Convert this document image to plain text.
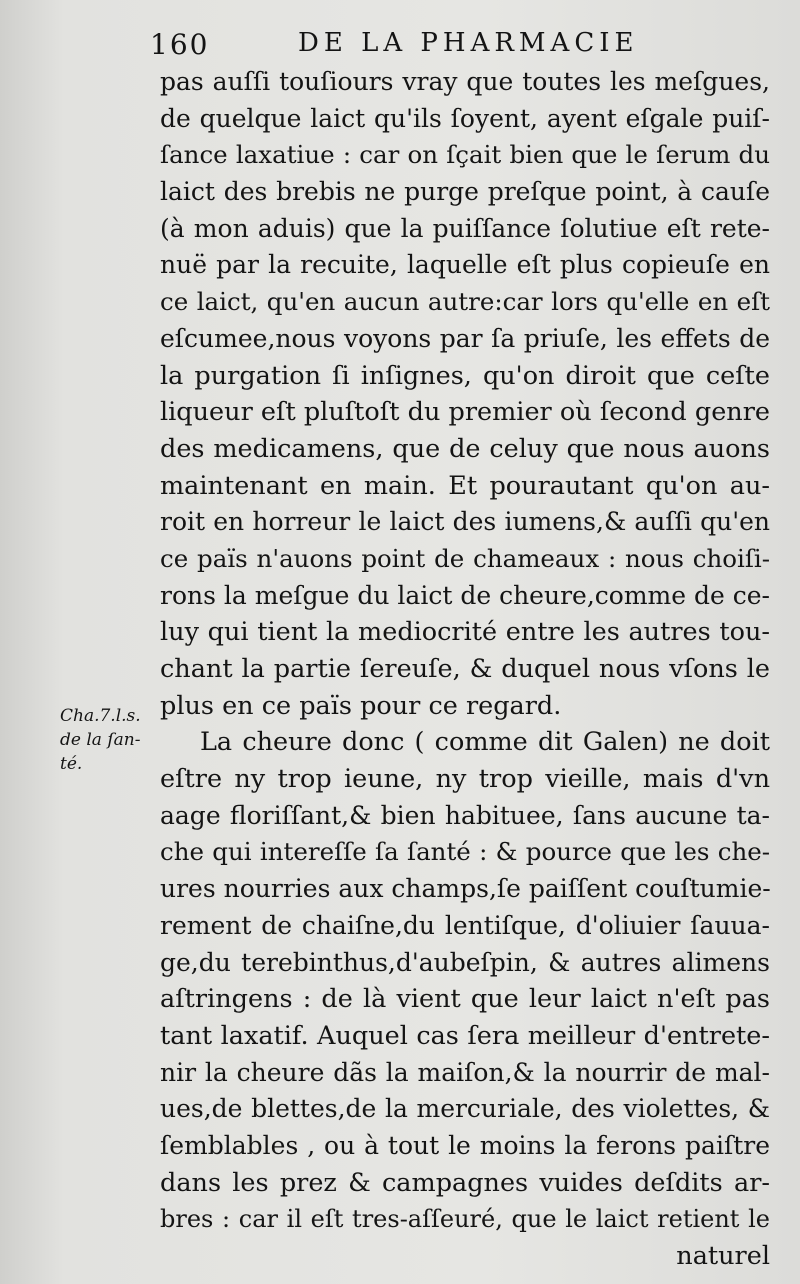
160	DE LA PHARMACIE
Cha.7.l.s.
de la ſan-
té.
pas auſſi touſiours vray que toutes les meſgues,
de quelque laict qu'ils ſoyent, ayent eſgale puiſ-
ſance laxatiue : car on ſçait bien que le ſerum du
laict des brebis ne purge preſque point, à cauſe
(à mon aduis) que la puiſſance ſolutiue eſt rete-
nuë par la recuite, laquelle eſt plus copieuſe en
ce laict, qu'en aucun autre:car lors qu'elle en eſt
eſcumee,nous voyons par ſa priuſe, les effets de
la purgation ſi inſignes, qu'on diroit que ceſte
liqueur eſt pluſtoſt du premier où ſecond genre
des medicamens, que de celuy que nous auons
maintenant en main. Et pourautant qu'on au-
roit en horreur le laict des iumens,& auſſi qu'en
ce païs n'auons point de chameaux : nous choiſi-
rons la meſgue du laict de cheure,comme de ce-
luy qui tient la mediocrité entre les autres tou-
chant la partie ſereuſe, & duquel nous vſons le
plus en ce païs pour ce regard.
La cheure donc ( comme dit Galen) ne doit
eſtre ny trop ieune, ny trop vieille, mais d'vn
aage floriſſant,& bien habituee, ſans aucune ta-
che qui intereſſe ſa ſanté : & pource que les che-
ures nourries aux champs,ſe paiſſent couſtumie-
rement de chaiſne,du lentiſque, d'oliuier ſauua-
ge,du terebinthus,d'aubeſpin, & autres alimens
aſtringens : de là vient que leur laict n'eſt pas
tant laxatif. Auquel cas ſera meilleur d'entrete-
nir la cheure dãs la maiſon,& la nourrir de mal-
ues,de blettes,de la mercuriale, des violettes, &
ſemblables , ou à tout le moins la ferons paiſtre
dans les prez & campagnes vuides deſdits ar-
bres : car il eſt tres-aſſeuré, que le laict retient le
naturel
